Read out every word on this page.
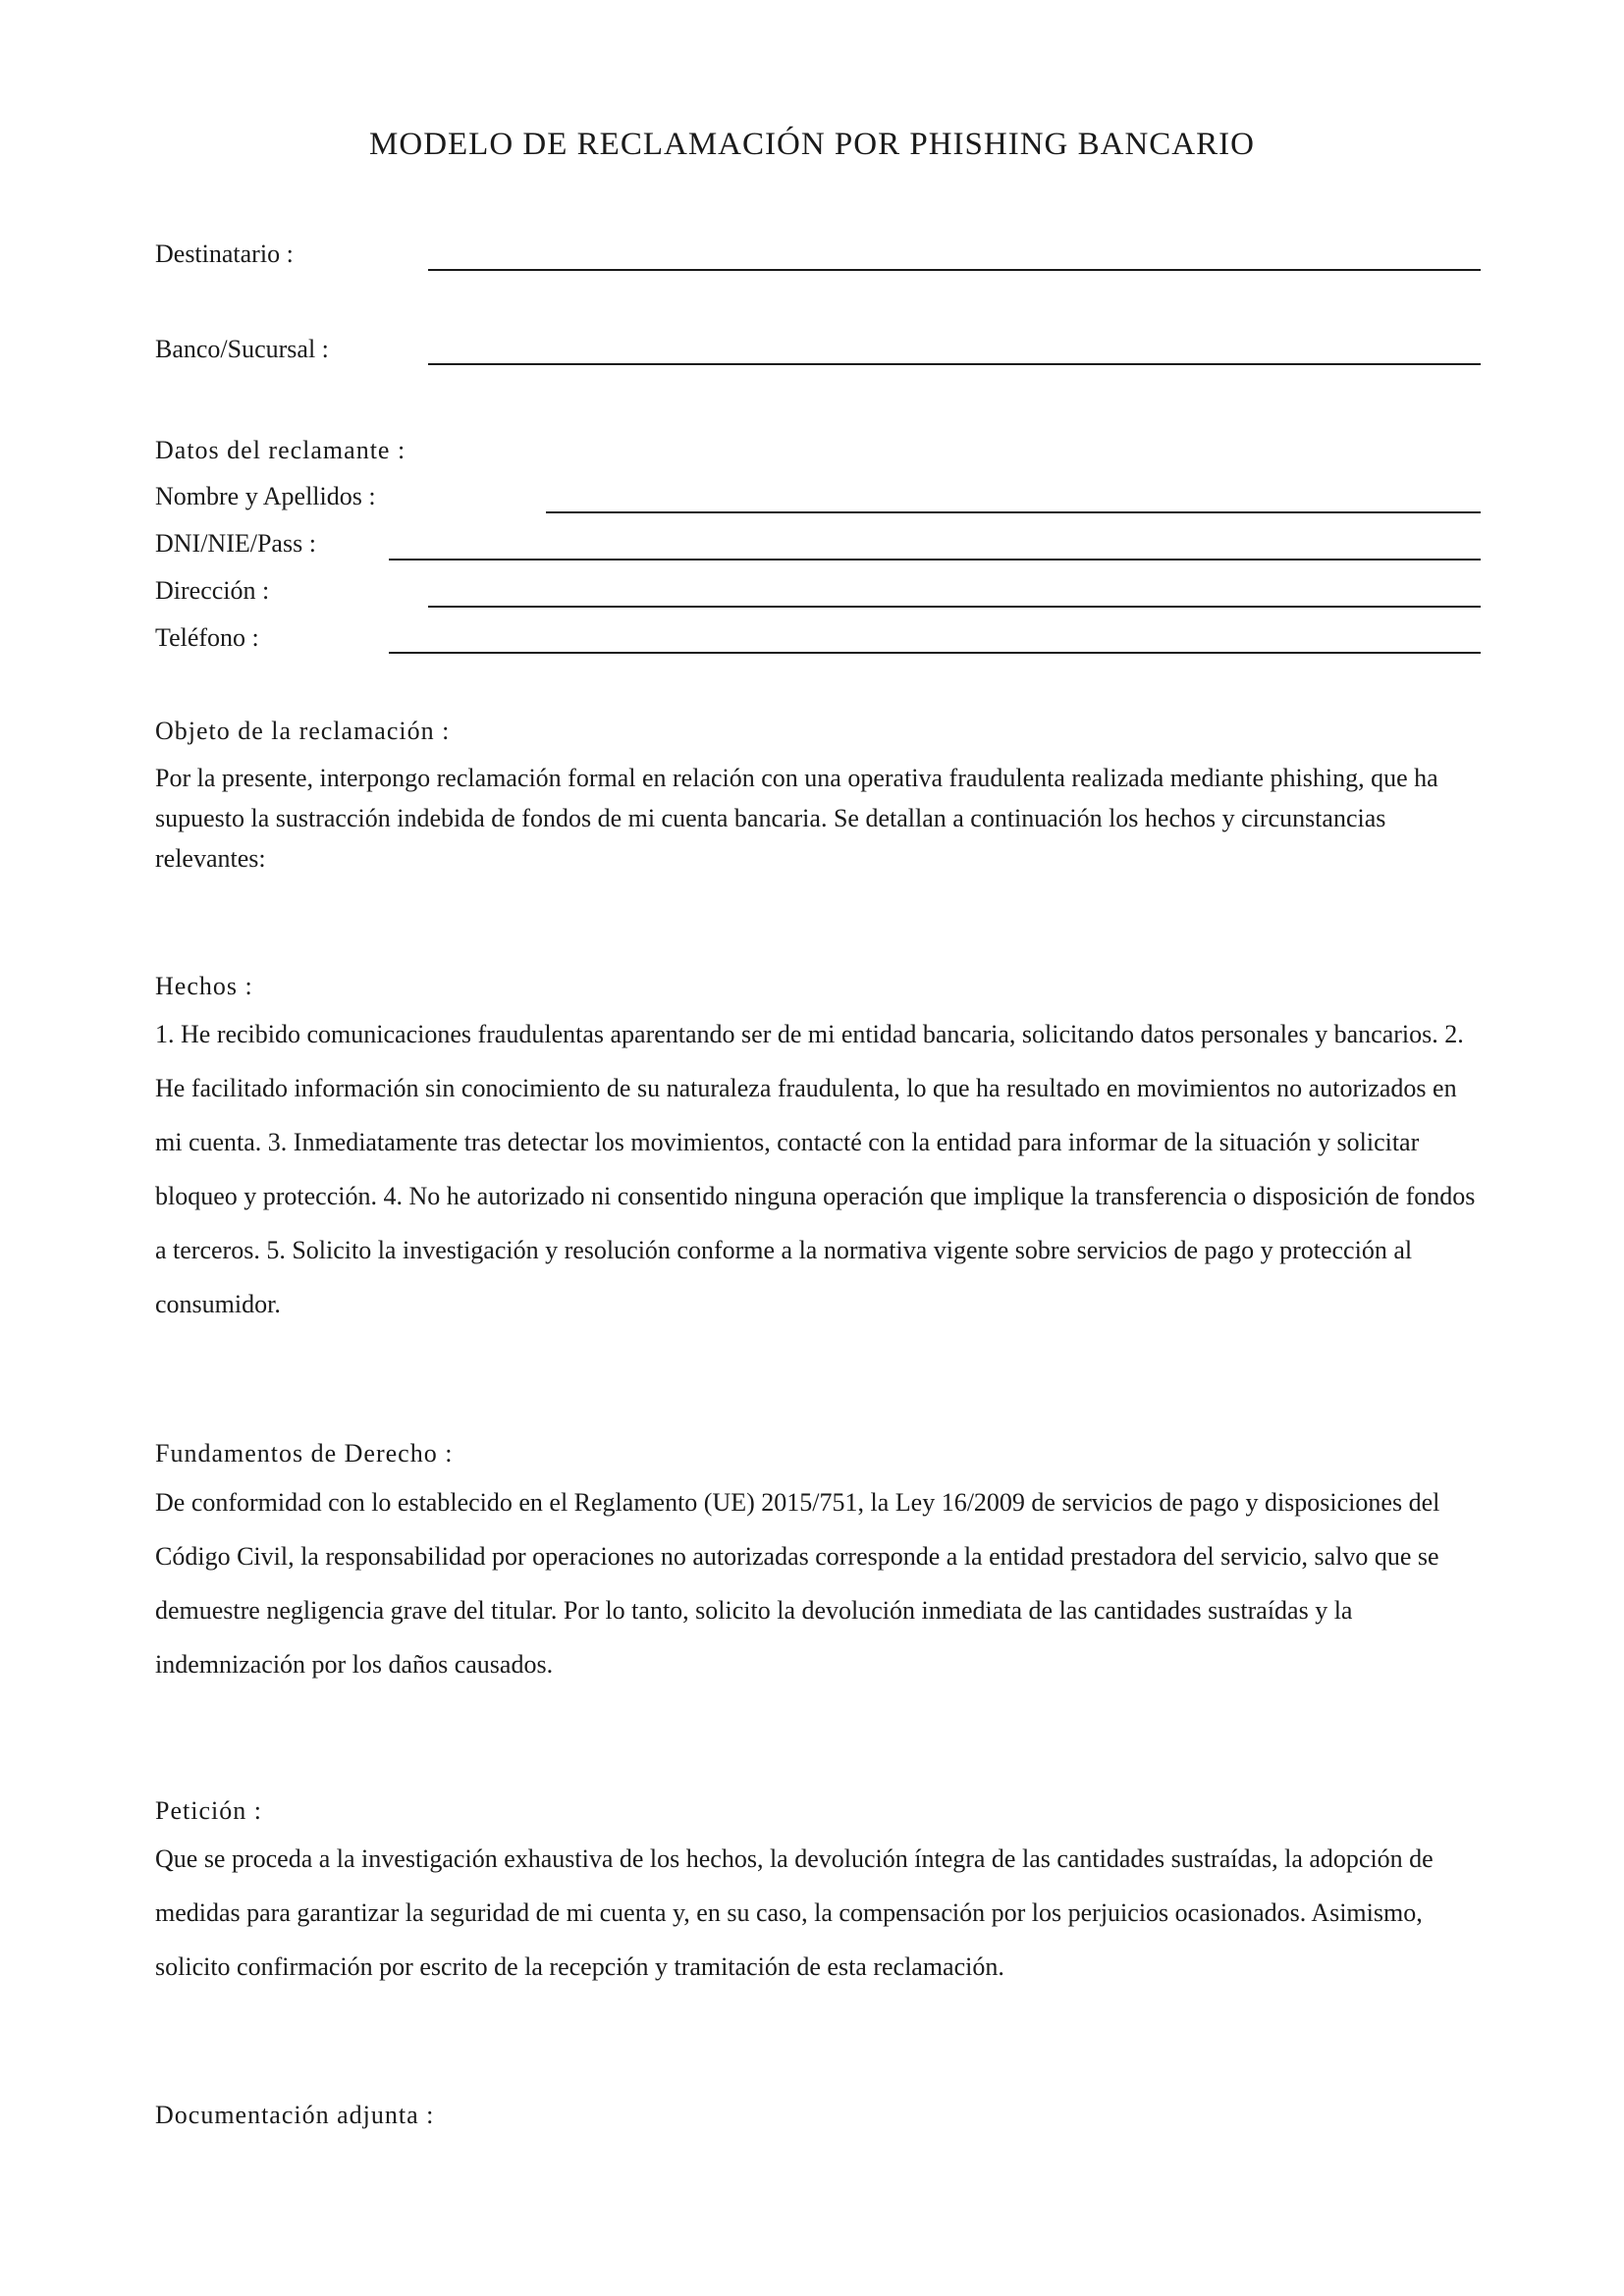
MODELO DE RECLAMACIÓN POR PHISHING BANCARIO
Destinatario :
Banco/Sucursal :
Datos del reclamante :
Nombre y Apellidos :
DNI/NIE/Pass :
Dirección :
Teléfono :
Objeto de la reclamación :

Por la presente, interpongo reclamación formal en relación con una operativa fraudulenta realizada mediante phishing, que ha supuesto la sustracción indebida de fondos de mi cuenta bancaria. Se detallan a continuación los hechos y circunstancias relevantes:

Hechos :

1. He recibido comunicaciones fraudulentas aparentando ser de mi entidad bancaria, solicitando datos personales y bancarios. 2. He facilitado información sin conocimiento de su naturaleza fraudulenta, lo que ha resultado en movimientos no autorizados en mi cuenta. 3. Inmediatamente tras detectar los movimientos, contacté con la entidad para informar de la situación y solicitar bloqueo y protección. 4. No he autorizado ni consentido ninguna operación que implique la transferencia o disposición de fondos a terceros. 5. Solicito la investigación y resolución conforme a la normativa vigente sobre servicios de pago y protección al consumidor.

Fundamentos de Derecho :

De conformidad con lo establecido en el Reglamento (UE) 2015/751, la Ley 16/2009 de servicios de pago y disposiciones del Código Civil, la responsabilidad por operaciones no autorizadas corresponde a la entidad prestadora del servicio, salvo que se demuestre negligencia grave del titular. Por lo tanto, solicito la devolución inmediata de las cantidades sustraídas y la indemnización por los daños causados.

Petición :

Que se proceda a la investigación exhaustiva de los hechos, la devolución íntegra de las cantidades sustraídas, la adopción de medidas para garantizar la seguridad de mi cuenta y, en su caso, la compensación por los perjuicios ocasionados. Asimismo, solicito confirmación por escrito de la recepción y tramitación de esta reclamación.

Documentación adjunta :
